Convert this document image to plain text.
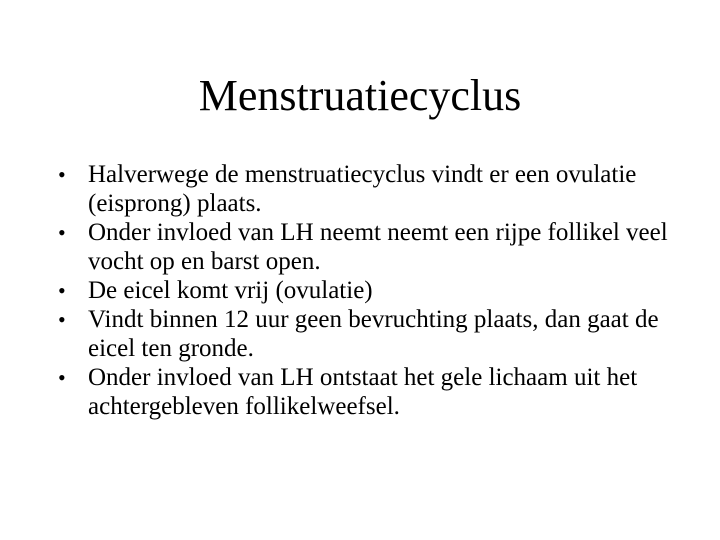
Menstruatiecyclus
• Halverwege de menstruatiecyclus vindt er een ovulatie (eisprong) plaats.
• Onder invloed van LH neemt neemt een rijpe follikel veel vocht op en barst open.
• De eicel komt vrij (ovulatie)
• Vindt binnen 12 uur geen bevruchting plaats, dan gaat de eicel ten gronde.
• Onder invloed van LH ontstaat het gele lichaam uit het achtergebleven follikelweefsel.
